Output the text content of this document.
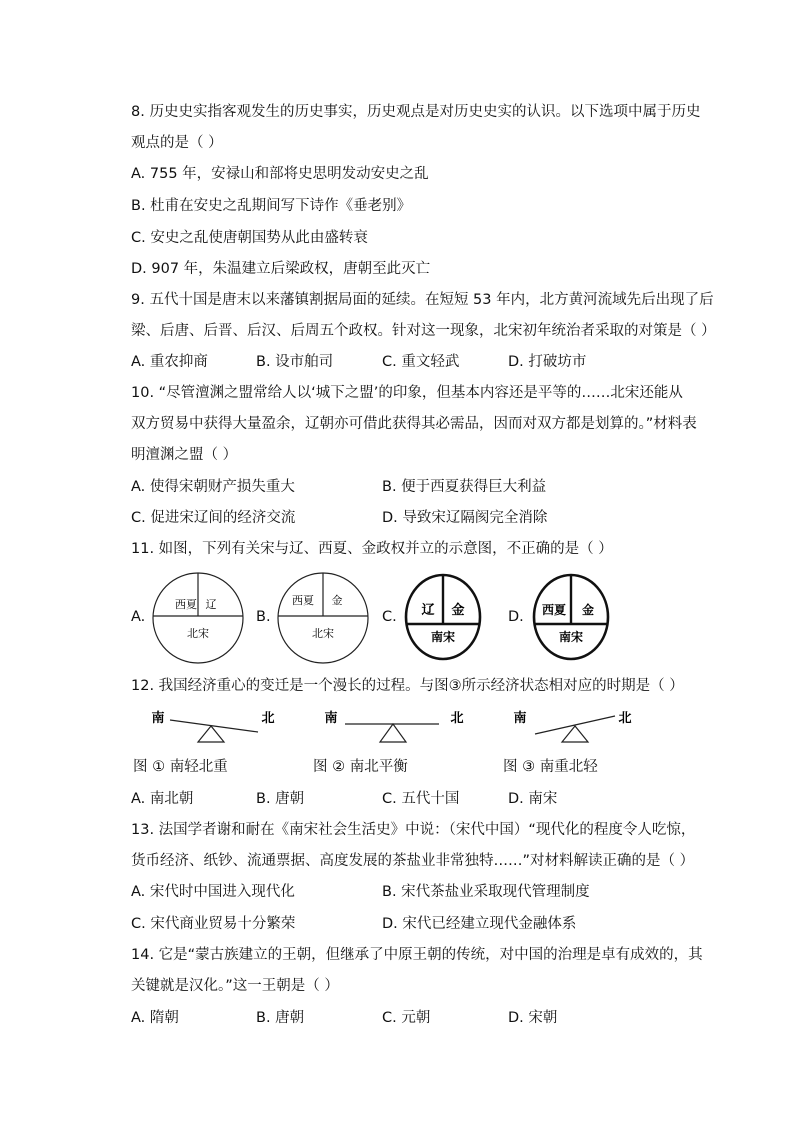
8. 历史史实指客观发生的历史事实，历史观点是对历史史实的认识。以下选项中属于历史
观点的是（ ）
A. 755 年，安禄山和部将史思明发动安史之乱
B. 杜甫在安史之乱期间写下诗作《垂老别》
C. 安史之乱使唐朝国势从此由盛转衰
D. 907 年，朱温建立后梁政权，唐朝至此灭亡
9. 五代十国是唐末以来藩镇割据局面的延续。在短短 53 年内，北方黄河流域先后出现了后
梁、后唐、后晋、后汉、后周五个政权。针对这一现象，北宋初年统治者采取的对策是（ ）
A. 重农抑商	B. 设市舶司	C. 重文轻武	D. 打破坊市
10. “尽管澶渊之盟常给人以‘城下之盟’的印象，但基本内容还是平等的……北宋还能从
双方贸易中获得大量盈余，辽朝亦可借此获得其必需品，因而对双方都是划算的。”材料表
明澶渊之盟（ ）
A. 使得宋朝财产损失重大	B. 便于西夏获得巨大利益
C. 促进宋辽间的经济交流	D. 导致宋辽隔阂完全消除
11. 如图，下列有关宋与辽、西夏、金政权并立的示意图，不正确的是（ ）
A.	B.	C.	D.
西夏 辽
北宋
西夏 金
北宋
辽 金
南宋
西夏 金
南宋
12. 我国经济重心的变迁是一个漫长的过程。与图③所示经济状态相对应的时期是（ ）
南	北	南	北	南	北
图 ① 南轻北重	图 ② 南北平衡	图 ③ 南重北轻
A. 南北朝	B. 唐朝	C. 五代十国	D. 南宋
13. 法国学者谢和耐在《南宋社会生活史》中说：（宋代中国）“现代化的程度令人吃惊，
货币经济、纸钞、流通票据、高度发展的茶盐业非常独特……”对材料解读正确的是（ ）
A. 宋代时中国进入现代化	B. 宋代茶盐业采取现代管理制度
C. 宋代商业贸易十分繁荣	D. 宋代已经建立现代金融体系
14. 它是“蒙古族建立的王朝，但继承了中原王朝的传统，对中国的治理是卓有成效的，其
关键就是汉化。”这一王朝是（ ）
A. 隋朝	B. 唐朝	C. 元朝	D. 宋朝
